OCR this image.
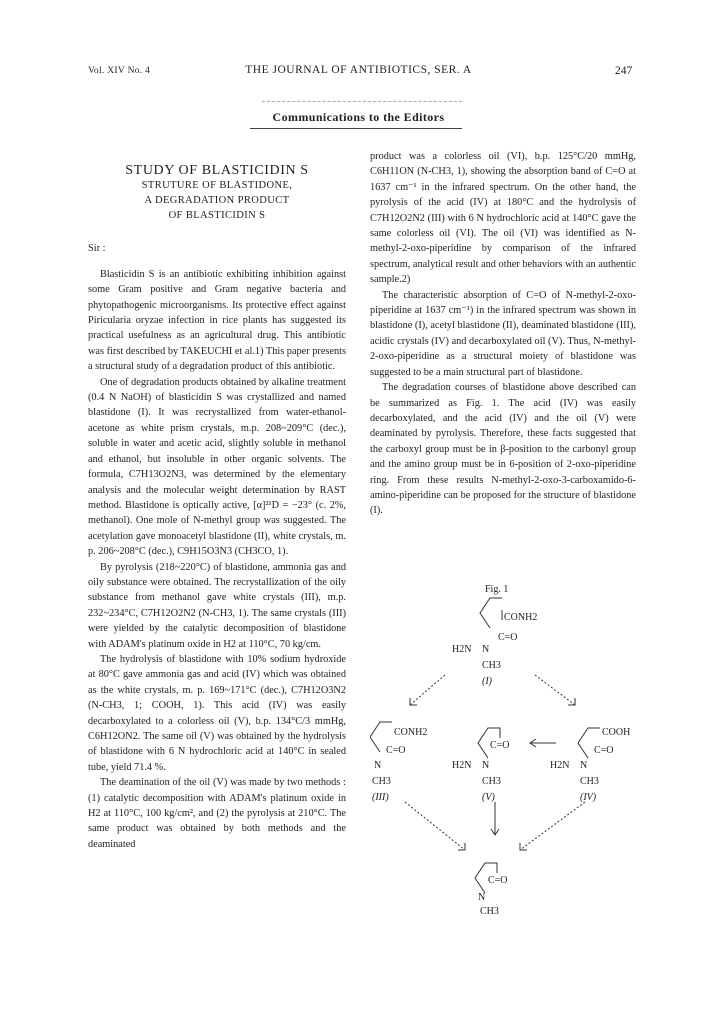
Vol. XIV No. 4	THE JOURNAL OF ANTIBIOTICS, SER. A	247
Communications to the Editors

STUDY OF BLASTICIDIN S

STRUTURE OF BLASTIDONE,
A DEGRADATION PRODUCT
OF BLASTICIDIN S

Sir :

Blasticidin S is an antibiotic exhibiting inhibition against some Gram positive and Gram negative bacteria and phytopathogenic microorganisms. Its protective effect against Piricularia oryzae infection in rice plants has suggested its practical usefulness as an agricultural drug. This antibiotic was first described by TAKEUCHI et al.1) This paper presents a structural study of a degradation product of this antibiotic.

One of degradation products obtained by alkaline treatment (0.4 N NaOH) of blasticidin S was crystallized and named blastidone (I). It was recrystallized from water-ethanol-acetone as white prism crystals, m.p. 208~209°C (dec.), soluble in water and acetic acid, slightly soluble in methanol and ethanol, but insoluble in other organic solvents. The formula, C7H13O2N3, was determined by the elementary analysis and the molecular weight determination by RAST method. Blastidone is optically active, [α]²¹D = −23° (c. 2%, methanol). One mole of N-methyl group was suggested. The acetylation gave monoacetyl blastidone (II), white crystals, m. p. 206~208°C (dec.), C9H15O3N3 (CH3CO, 1).

By pyrolysis (218~220°C) of blastidone, ammonia gas and oily substance were obtained. The recrystallization of the oily substance from methanol gave white crystals (III), m.p. 232~234°C, C7H12O2N2 (N-CH3, 1). The same crystals (III) were yielded by the catalytic decomposition of blastidone with ADAM's platinum oxide in H2 at 110°C, 70 kg/cm.

The hydrolysis of blastidone with 10% sodium hydroxide at 80°C gave ammonia gas and acid (IV) which was obtained as the white crystals, m. p. 169~171°C (dec.), C7H12O3N2 (N-CH3, 1; COOH, 1). This acid (IV) was easily decarboxylated to a colorless oil (V), b.p. 134°C/3 mmHg, C6H12ON2. The same oil (V) was obtained by the hydrolysis of blastidone with 6 N hydrochloric acid at 140°C in sealed tube, yield 71.4 %.

The deamination of the oil (V) was made by two methods : (1) catalytic decomposition with ADAM's platinum oxide in H2 at 110°C, 100 kg/cm², and (2) the pyrolysis at 210°C. The same product was obtained by both methods and the deaminated

product was a colorless oil (VI), b.p. 125°C/20 mmHg, C6H11ON (N-CH3, 1), showing the absorption band of C=O at 1637 cm⁻¹ in the infrared spectrum. On the other hand, the pyrolysis of the acid (IV) at 180°C and the hydrolysis of C7H12O2N2 (III) with 6 N hydrochloric acid at 140°C gave the same colorless oil (VI). The oil (VI) was identified as N-methyl-2-oxo-piperidine by comparison of the infrared spectrum, analytical result and other behaviors with an authentic sample.2)

The characteristic absorption of C=O of N-methyl-2-oxo-piperidine at 1637 cm⁻¹) in the infrared spectrum was shown in blastidone (I), acetyl blastidone (II), deaminated blastidone (III), acidic crystals (IV) and decarboxylated oil (V). Thus, N-methyl-2-oxo-piperidine as a structural moiety of blastidone was suggested to be a main structural part of blastidone.

The degradation courses of blastidone above described can be summarized as Fig. 1. The acid (IV) was easily decarboxylated, and the acid (IV) and the oil (V) were deaminated by pyrolysis. Therefore, these facts suggested that the carboxyl group must be in β-position to the carbonyl group and the amino group must be in 6-position of 2-oxo-piperidine ring. From these results N-methyl-2-oxo-3-carboxamido-6-amino-piperidine can be proposed for the structure of blastidone (I).

Fig. 1
CONH2
C=O
H2N N
CH3
(I)
CONH2
C=O
N
CH3
(III)
C=O
H2N N
CH3
(V)
COOH
C=O
H2N N
CH3
(IV)
C=O
N
CH3
